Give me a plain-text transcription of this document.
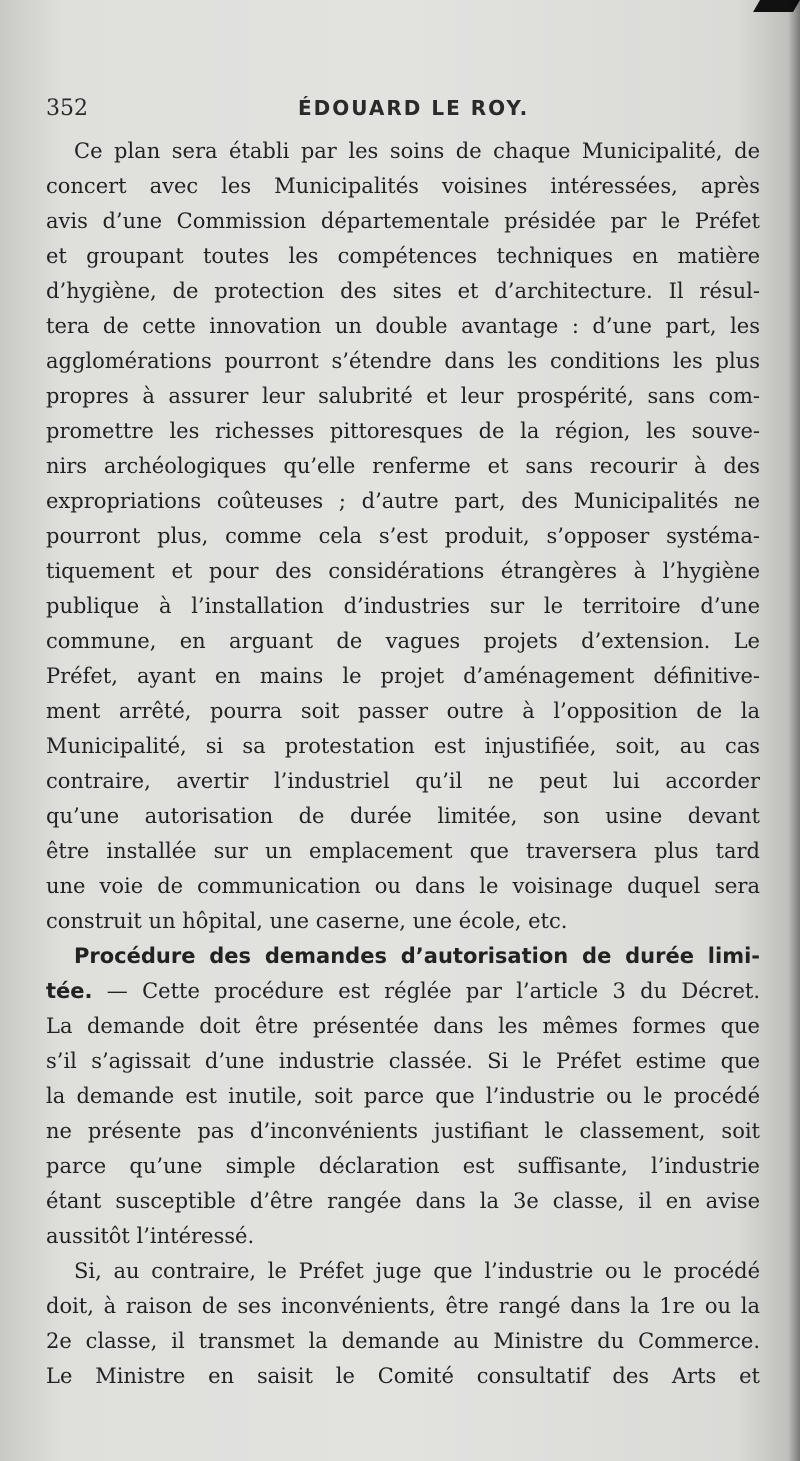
352	ÉDOUARD LE ROY.
Ce plan sera établi par les soins de chaque Municipalité, de
concert avec les Municipalités voisines intéressées, après
avis d’une Commission départementale présidée par le Préfet
et groupant toutes les compétences techniques en matière
d’hygiène, de protection des sites et d’architecture. Il résul-
tera de cette innovation un double avantage : d’une part, les
agglomérations pourront s’étendre dans les conditions les plus
propres à assurer leur salubrité et leur prospérité, sans com-
promettre les richesses pittoresques de la région, les souve-
nirs archéologiques qu’elle renferme et sans recourir à des
expropriations coûteuses ; d’autre part, des Municipalités ne
pourront plus, comme cela s’est produit, s’opposer systéma-
tiquement et pour des considérations étrangères à l’hygiène
publique à l’installation d’industries sur le territoire d’une
commune, en arguant de vagues projets d’extension. Le
Préfet, ayant en mains le projet d’aménagement définitive-
ment arrêté, pourra soit passer outre à l’opposition de la
Municipalité, si sa protestation est injustifiée, soit, au cas
contraire, avertir l’industriel qu’il ne peut lui accorder
qu’une autorisation de durée limitée, son usine devant
être installée sur un emplacement que traversera plus tard
une voie de communication ou dans le voisinage duquel sera
construit un hôpital, une caserne, une école, etc.
Procédure des demandes d’autorisation de durée limi-
tée. — Cette procédure est réglée par l’article 3 du Décret.
La demande doit être présentée dans les mêmes formes que
s’il s’agissait d’une industrie classée. Si le Préfet estime que
la demande est inutile, soit parce que l’industrie ou le procédé
ne présente pas d’inconvénients justifiant le classement, soit
parce qu’une simple déclaration est suffisante, l’industrie
étant susceptible d’être rangée dans la 3e classe, il en avise
aussitôt l’intéressé.
Si, au contraire, le Préfet juge que l’industrie ou le procédé
doit, à raison de ses inconvénients, être rangé dans la 1re ou la
2e classe, il transmet la demande au Ministre du Commerce.
Le Ministre en saisit le Comité consultatif des Arts et
